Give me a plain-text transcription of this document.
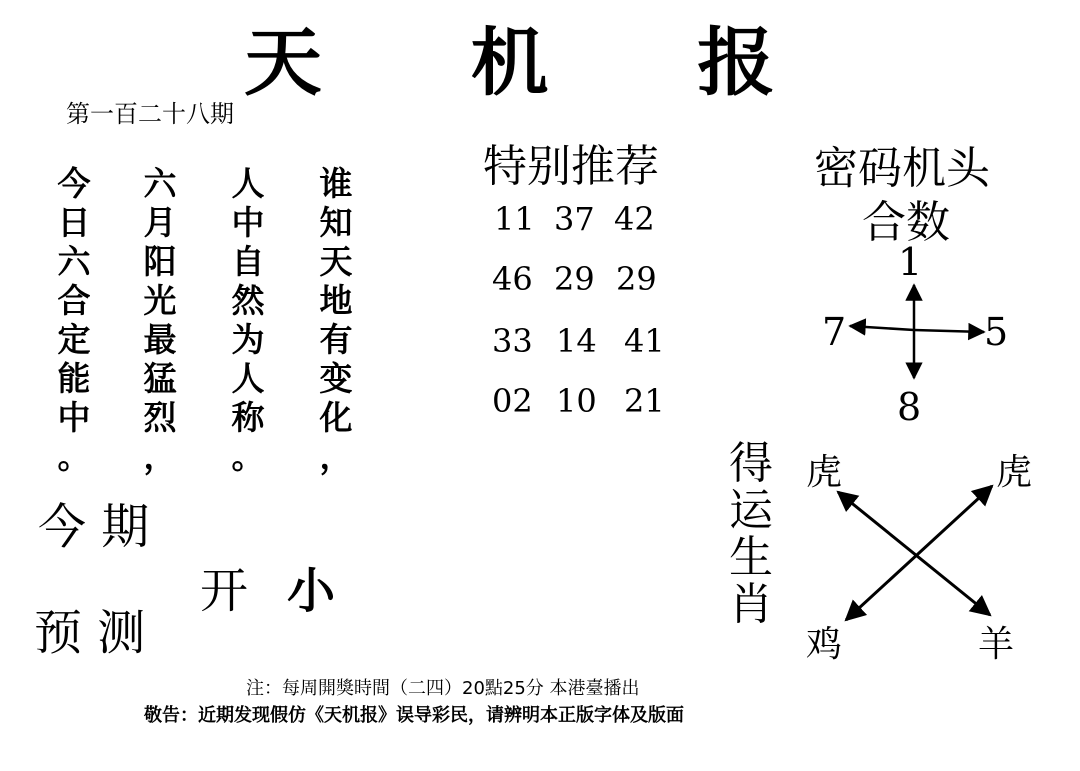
天 机 报
第一百二十八期
今
日
六
合
定
能
中
。
六
月
阳
光
最
猛
烈
，
人
中
自
然
为
人
称
。
谁
知
天
地
有
变
化
，
今 期
开 小
预 测
特别推荐
11 37 42
46 29 29
33 14 41
02 10 21
密码机头
合数
1
7	5
8
得
运
生
肖
虎	虎
鸡	羊
注：每周開獎時間（二四）20點25分 本港臺播出
敬告：近期发现假仿《天机报》误导彩民，请辨明本正版字体及版面
